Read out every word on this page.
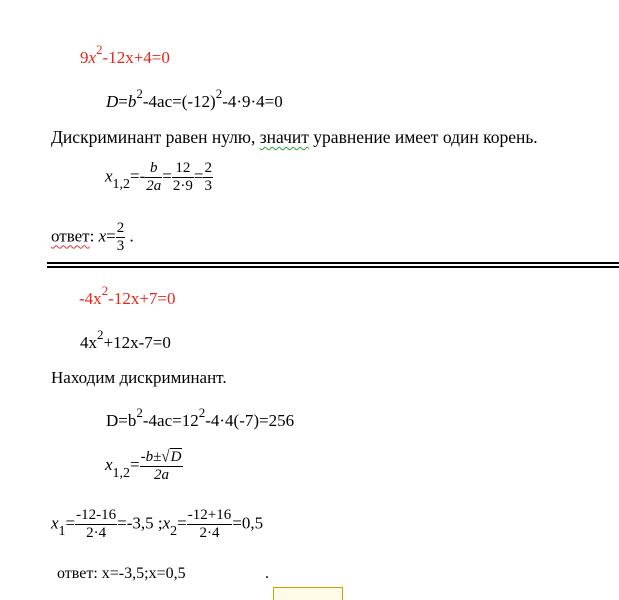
$9x^2-12x+4=0$
$D=b^2-4ac=(-12)^2-4\cdot 9\cdot 4=0$
Дискриминант равен нулю, значит уравнение имеет один корень.
$x_{1,2}=- \frac{b}{2a} = \frac{12}{2\cdot 9} = \frac{2}{3}$
ответ: $x= \frac{2}{3}$ .
$-4x^2-12x+7=0$
$4x^2+12x-7=0$
Находим дискриминант.
$D=b^2-4ac=12^2-4\cdot 4(-7)=256$
$x_{1,2}= \frac{-b\pm√D}{2a}$
$x_1= \frac{-12-16}{2\cdot 4} =-3,5$ $;x_2= \frac{-12+16}{2\cdot 4} =0,5$
ответ: x=-3,5;x=0,5	.
